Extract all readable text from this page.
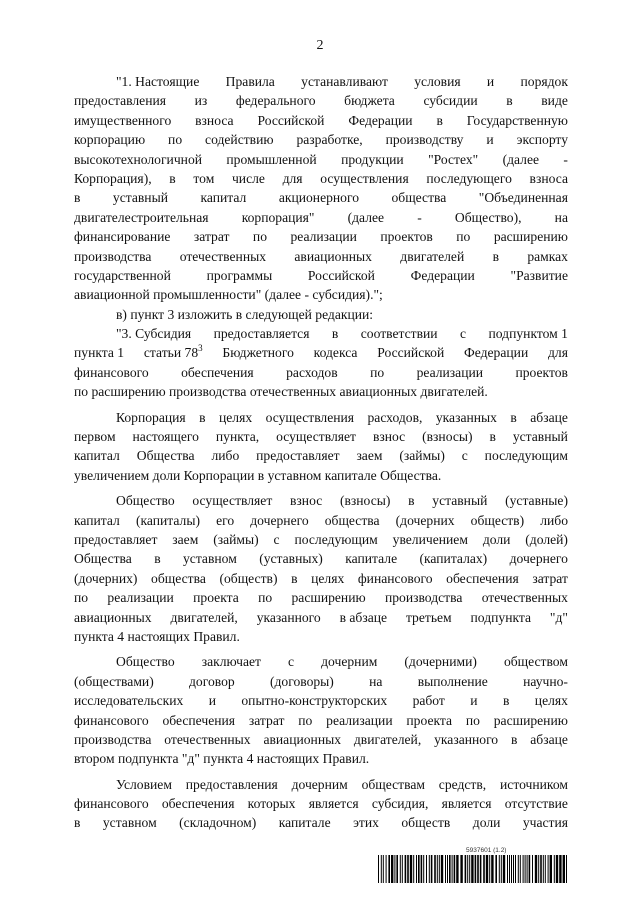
2
"1. Настоящие Правила устанавливают условия и порядок
предоставления из федерального бюджета субсидии в виде
имущественного взноса Российской Федерации в Государственную
корпорацию по содействию разработке, производству и экспорту
высокотехнологичной промышленной продукции "Ростех" (далее -
Корпорация), в том числе для осуществления последующего взноса
в уставный капитал акционерного общества "Объединенная
двигателестроительная корпорация" (далее - Общество), на
финансирование затрат по реализации проектов по расширению
производства отечественных авиационных двигателей в рамках
государственной	программы	Российской	Федерации	"Развитие
авиационной промышленности" (далее - субсидия).";
в) пункт 3 изложить в следующей редакции:
"3. Субсидия предоставляется в соответствии с подпунктом 1
пункта 1 статьи $78^3$ Бюджетного кодекса Российской Федерации для
финансового обеспечения расходов по реализации проектов
по расширению производства отечественных авиационных двигателей.
Корпорация в целях осуществления расходов, указанных в абзаце
первом настоящего пункта, осуществляет взнос (взносы) в уставный
капитал Общества либо предоставляет заем (займы) с последующим
увеличением доли Корпорации в уставном капитале Общества.
Общество осуществляет взнос (взносы) в уставный (уставные)
капитал (капиталы) его дочернего общества (дочерних обществ) либо
предоставляет заем (займы) с последующим увеличением доли (долей)
Общества в уставном (уставных) капитале (капиталах) дочернего
(дочерних) общества (обществ) в целях финансового обеспечения затрат
по реализации проекта по расширению производства отечественных
авиационных двигателей, указанного в абзаце третьем подпункта "д"
пункта 4 настоящих Правил.
Общество заключает с дочерним (дочерними) обществом
(обществами)	договор	(договоры)	на	выполнение	научно-
исследовательских и опытно-конструкторских работ и в целях
финансового обеспечения затрат по реализации проекта по расширению
производства отечественных авиационных двигателей, указанного в абзаце
втором подпункта "д" пункта 4 настоящих Правил.
Условием предоставления дочерним обществам средств, источником
финансового обеспечения которых является субсидия, является отсутствие
в уставном (складочном) капитале этих обществ доли участия
5937601 (1.2)
